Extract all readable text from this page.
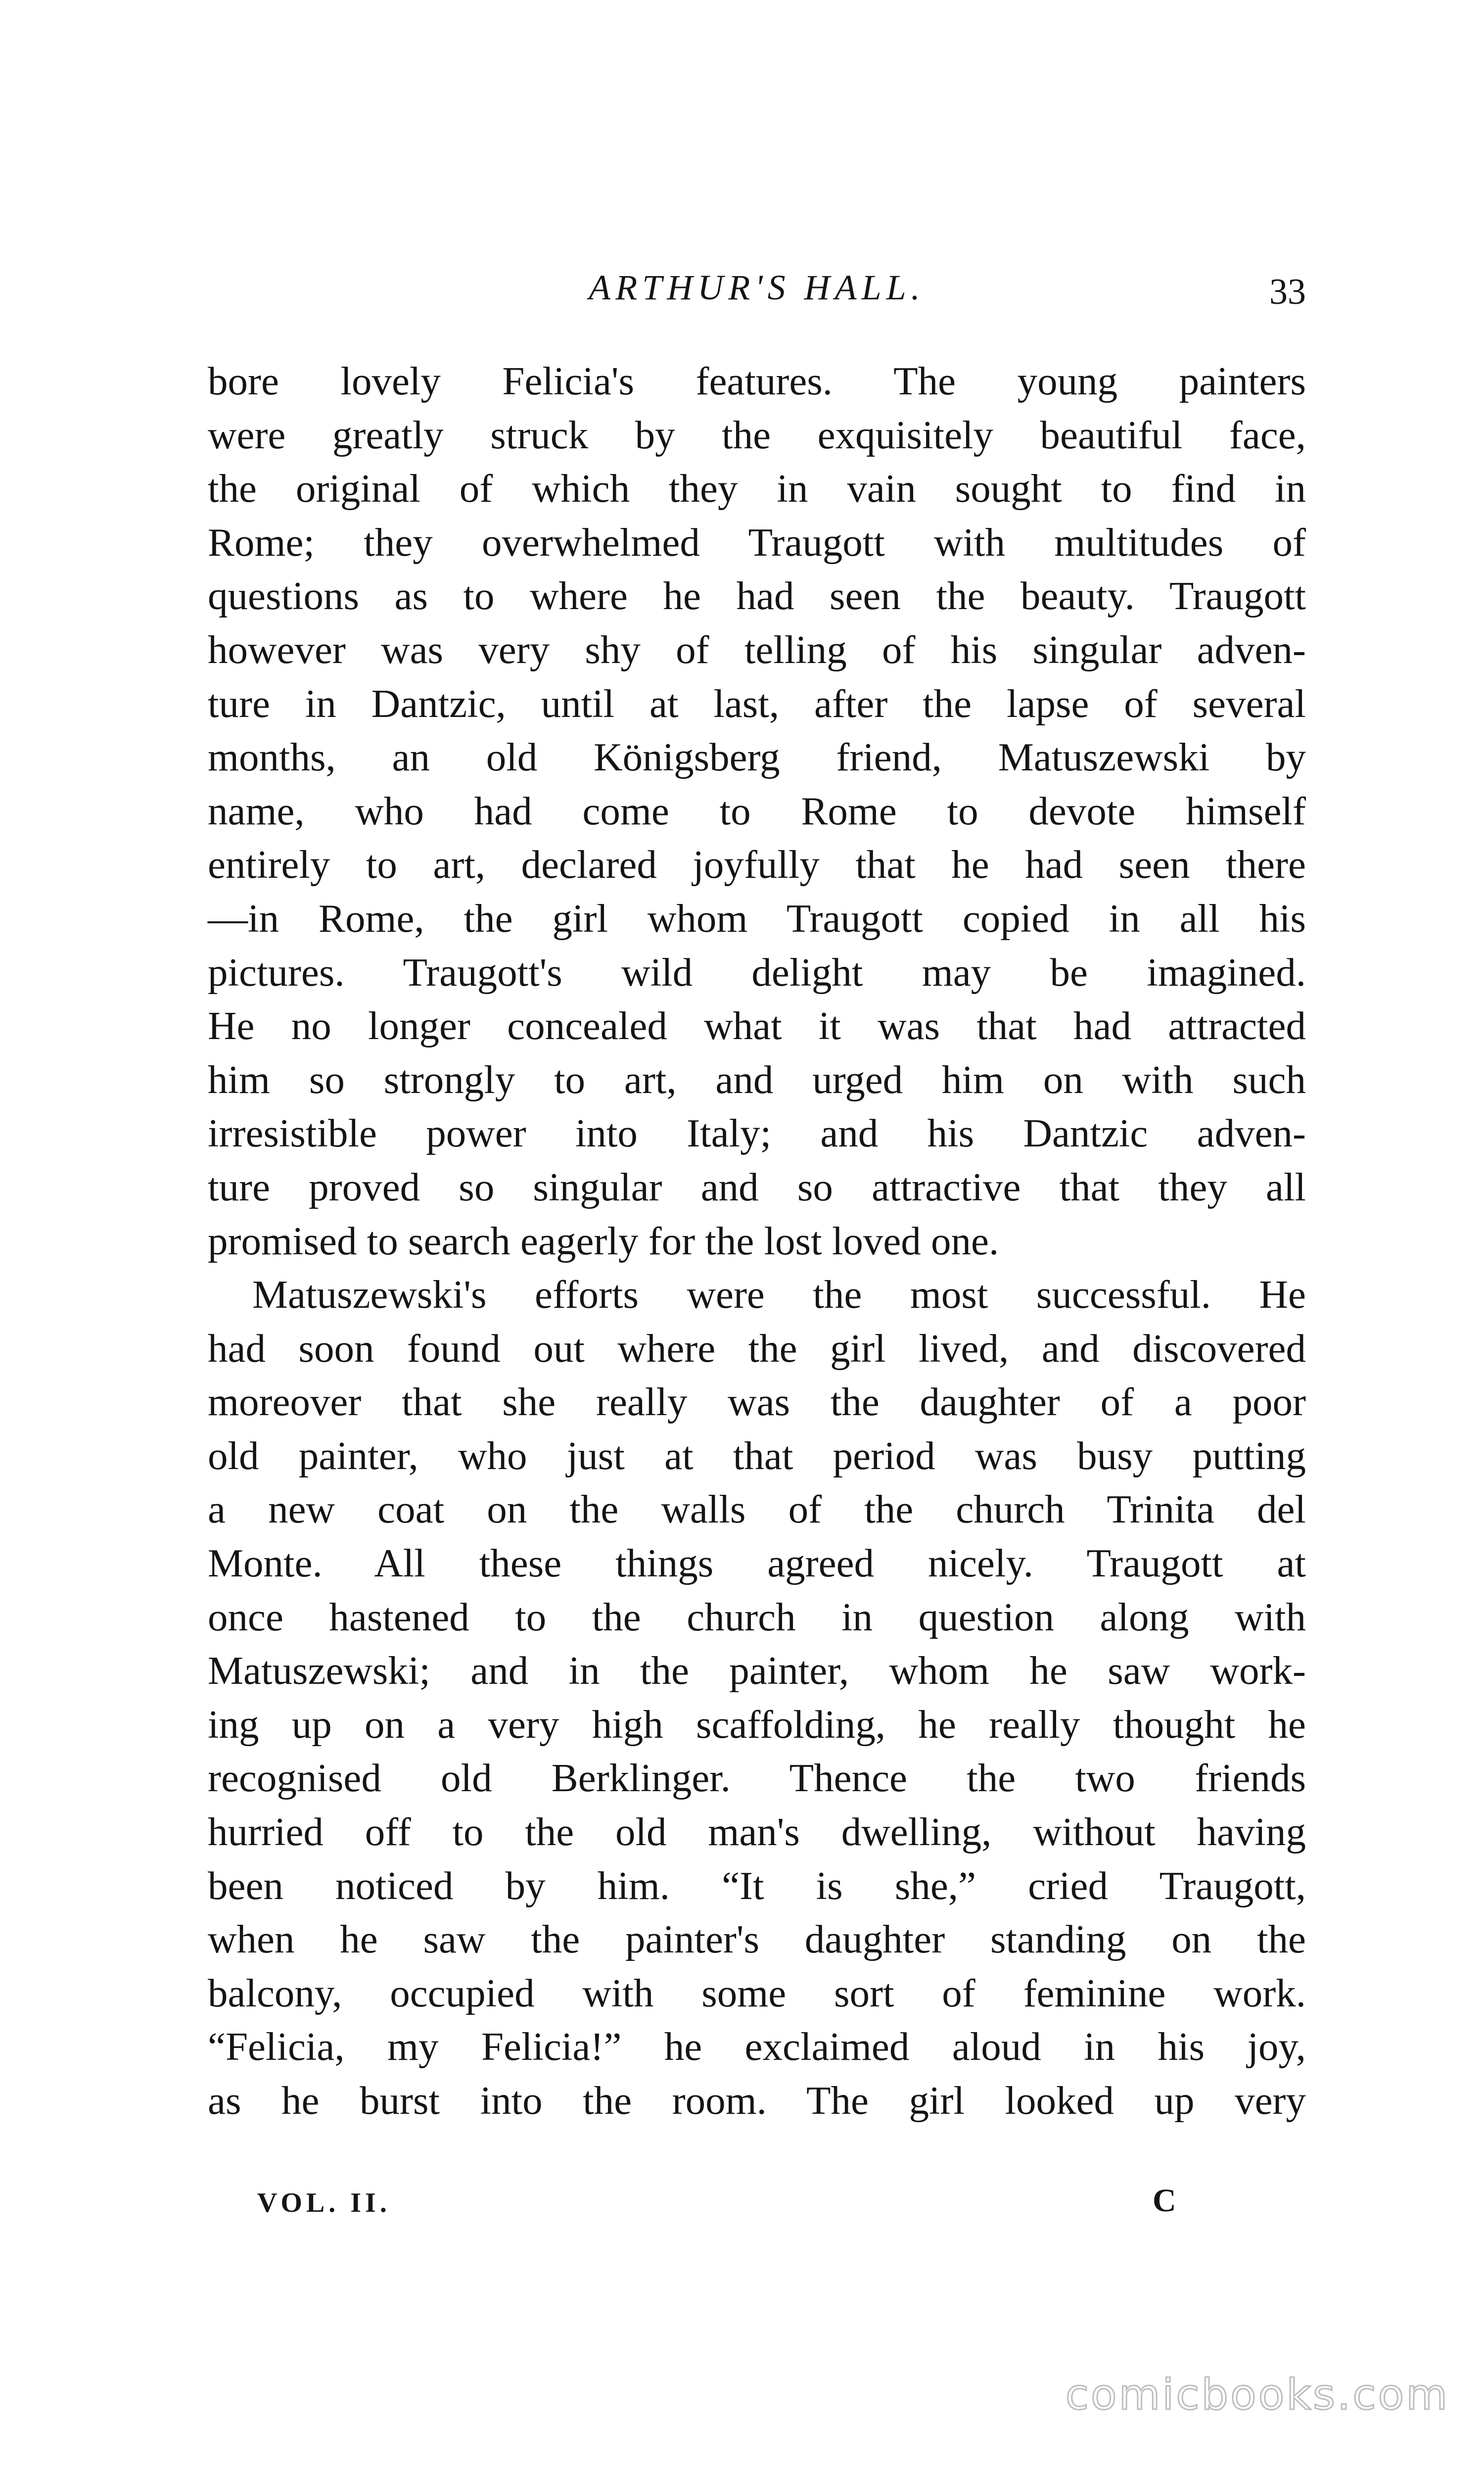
ARTHUR'S HALL.	33
bore lovely Felicia's features. The young painters
were greatly struck by the exquisitely beautiful face,
the original of which they in vain sought to find in
Rome; they overwhelmed Traugott with multitudes of
questions as to where he had seen the beauty. Traugott
however was very shy of telling of his singular adven-
ture in Dantzic, until at last, after the lapse of several
months, an old Königsberg friend, Matuszewski by
name, who had come to Rome to devote himself
entirely to art, declared joyfully that he had seen there
—in Rome, the girl whom Traugott copied in all his
pictures. Traugott's wild delight may be imagined.
He no longer concealed what it was that had attracted
him so strongly to art, and urged him on with such
irresistible power into Italy; and his Dantzic adven-
ture proved so singular and so attractive that they all
promised to search eagerly for the lost loved one.
Matuszewski's efforts were the most successful. He
had soon found out where the girl lived, and discovered
moreover that she really was the daughter of a poor
old painter, who just at that period was busy putting
a new coat on the walls of the church Trinita del
Monte. All these things agreed nicely. Traugott at
once hastened to the church in question along with
Matuszewski; and in the painter, whom he saw work-
ing up on a very high scaffolding, he really thought he
recognised old Berklinger. Thence the two friends
hurried off to the old man's dwelling, without having
been noticed by him. “It is she,” cried Traugott,
when he saw the painter's daughter standing on the
balcony, occupied with some sort of feminine work.
“Felicia, my Felicia!” he exclaimed aloud in his joy,
as he burst into the room. The girl looked up very
VOL. II.	C
comicbooks.com
